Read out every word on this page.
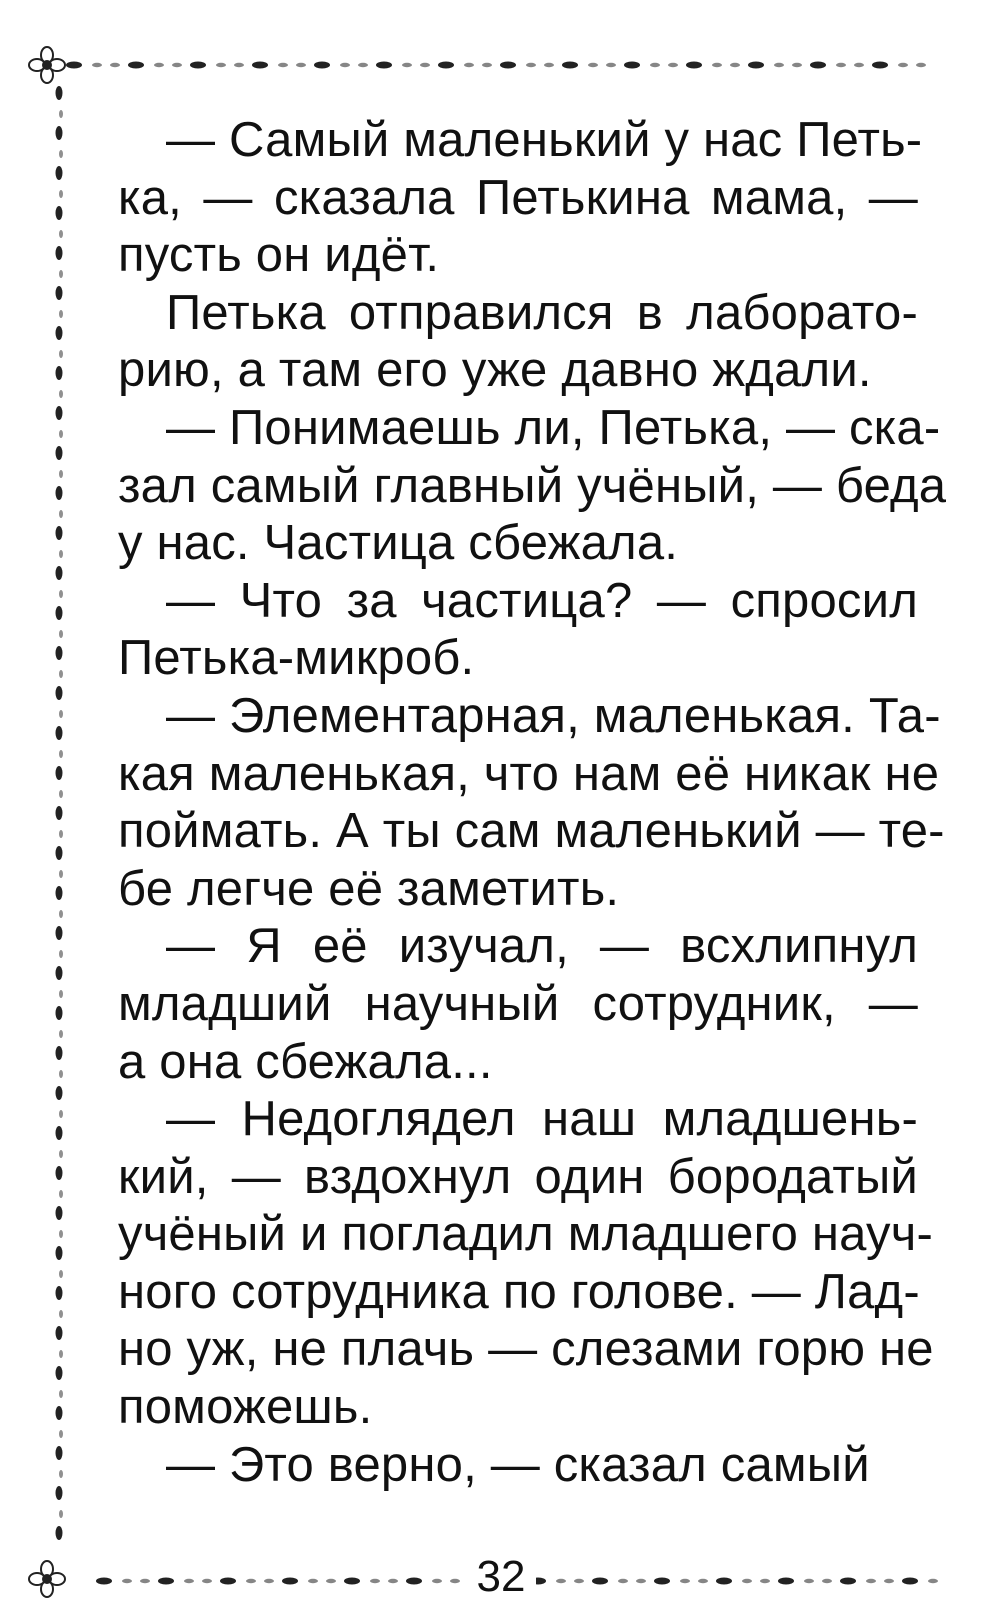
— Самый маленький у нас Петь-
ка, — сказала Петькина мама, —
пусть он идёт.

Петька отправился в лаборато-
рию, а там его уже давно ждали.

— Понимаешь ли, Петька, — ска-
зал самый главный учёный, — беда
у нас. Частица сбежала.

— Что за частица? — спросил
Петька-микроб.

— Элементарная, маленькая. Та-
кая маленькая, что нам её никак не
поймать. А ты сам маленький — те-
бе легче её заметить.

— Я её изучал, — всхлипнул
младший научный сотрудник, —
а она сбежала...

— Недоглядел наш младшень-
кий, — вздохнул один бородатый
учёный и погладил младшего науч-
ного сотрудника по голове. — Лад-
но уж, не плачь — слезами горю не
поможешь.

— Это верно, — сказал самый

32
